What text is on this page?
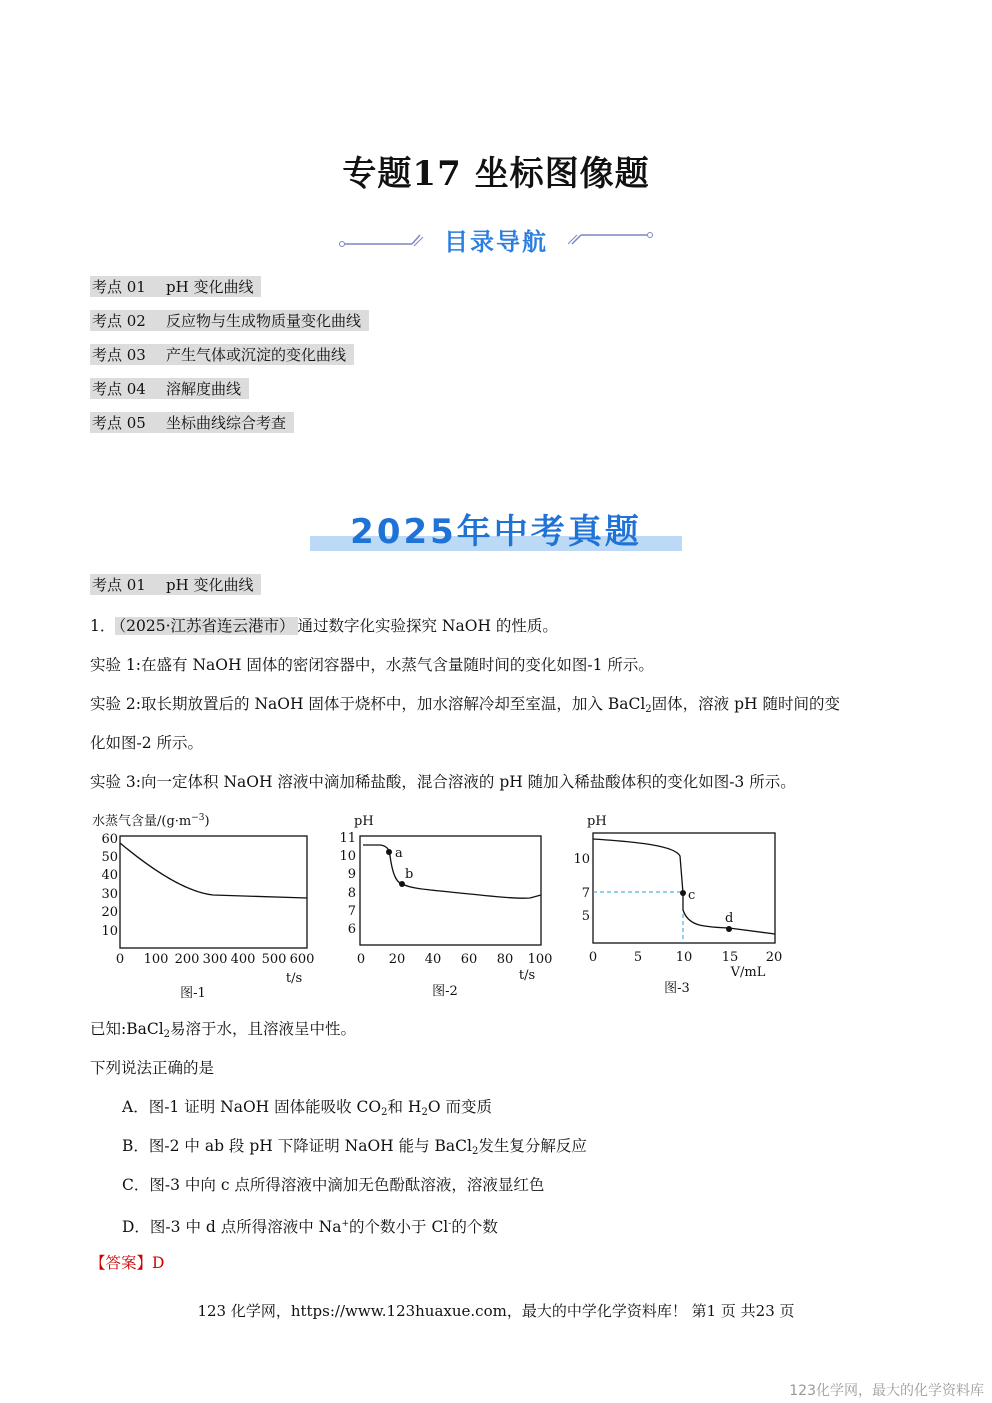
专题17 坐标图像题
目录导航
考点 01 pH 变化曲线
考点 02 反应物与生成物质量变化曲线
考点 03 产生气体或沉淀的变化曲线
考点 04 溶解度曲线
考点 05 坐标曲线综合考查
2025年中考真题
考点 01 pH 变化曲线
1． （2025·江苏省连云港市） 通过数字化实验探究 NaOH 的性质。
实验 1:在盛有 NaOH 固体的密闭容器中，水蒸气含量随时间的变化如图-1 所示。
实验 2:取长期放置后的 NaOH 固体于烧杯中，加水溶解冷却至室温，加入 BaCl$_2$固体，溶液 pH 随时间的变
化如图-2 所示。
实验 3:向一定体积 NaOH 溶液中滴加稀盐酸，混合溶液的 pH 随加入稀盐酸体积的变化如图-3 所示。
水蒸气含量$/(g\cdot m^{-3})$
60
50
40
30
20
10
0 100 200 300 400 500 600
t/s
图-1
pH
a
b
11
10
9
8
7
6
0 20 40 60 80 100
t/s
图-2
pH
c
d
10
7
5
0	5	10 15 20
V/mL
图-3
已知:BaCl$_2$易溶于水，且溶液呈中性。
下列说法正确的是
A．图-1 证明 NaOH 固体能吸收 $CO_2$和 $H_2O$ 而变质
B．图-2 中 ab 段 pH 下降证明 NaOH 能与 BaCl$_2$发生复分解反应
C．图-3 中向 c 点所得溶液中滴加无色酚酞溶液，溶液显红色
D．图-3 中 d 点所得溶液中 Na+的个数小于 Cl-的个数
【答案】D
123 化学网，https://www.123huaxue.com，最大的中学化学资料库！ 第1 页 共23 页
123化学网，最大的化学资料库
